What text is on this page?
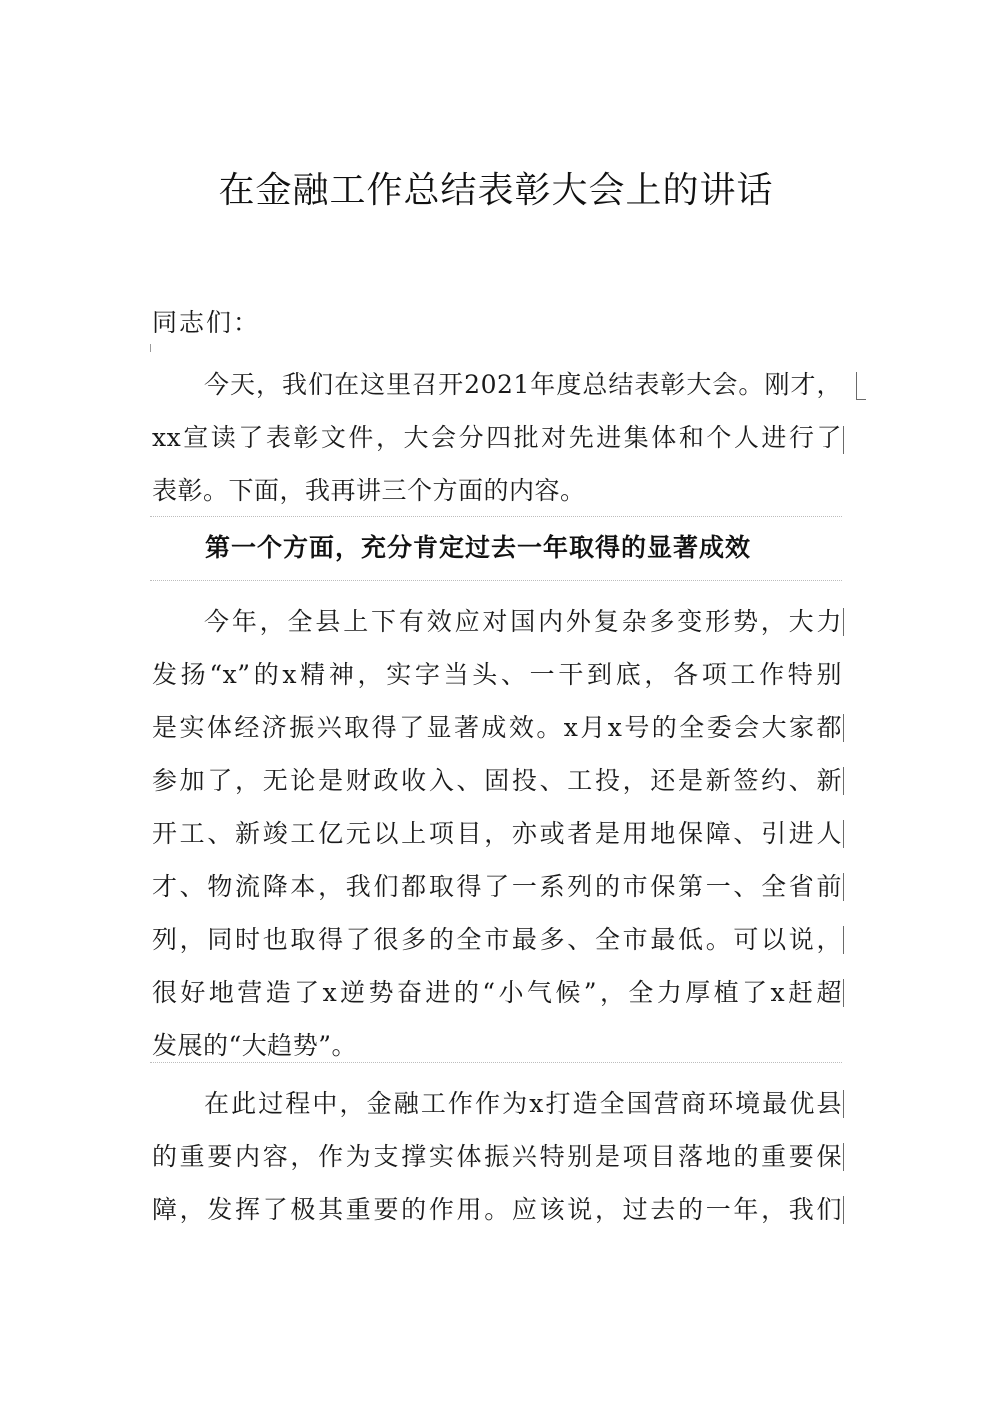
在金融工作总结表彰大会上的讲话
同志们：
今天，我们在这里召开2021年度总结表彰大会。刚才，
xx宣读了表彰文件，大会分四批对先进集体和个人进行了
表彰。下面，我再讲三个方面的内容。
第一个方面，充分肯定过去一年取得的显著成效
今年，全县上下有效应对国内外复杂多变形势，大力
发扬“x”的x精神，实字当头、一干到底，各项工作特别
是实体经济振兴取得了显著成效。x月x号的全委会大家都
参加了，无论是财政收入、固投、工投，还是新签约、新
开工、新竣工亿元以上项目，亦或者是用地保障、引进人
才、物流降本，我们都取得了一系列的市保第一、全省前
列，同时也取得了很多的全市最多、全市最低。可以说，
很好地营造了x逆势奋进的“小气候”，全力厚植了x赶超
发展的“大趋势”。
在此过程中，金融工作作为x打造全国营商环境最优县
的重要内容，作为支撑实体振兴特别是项目落地的重要保
障，发挥了极其重要的作用。应该说，过去的一年，我们
